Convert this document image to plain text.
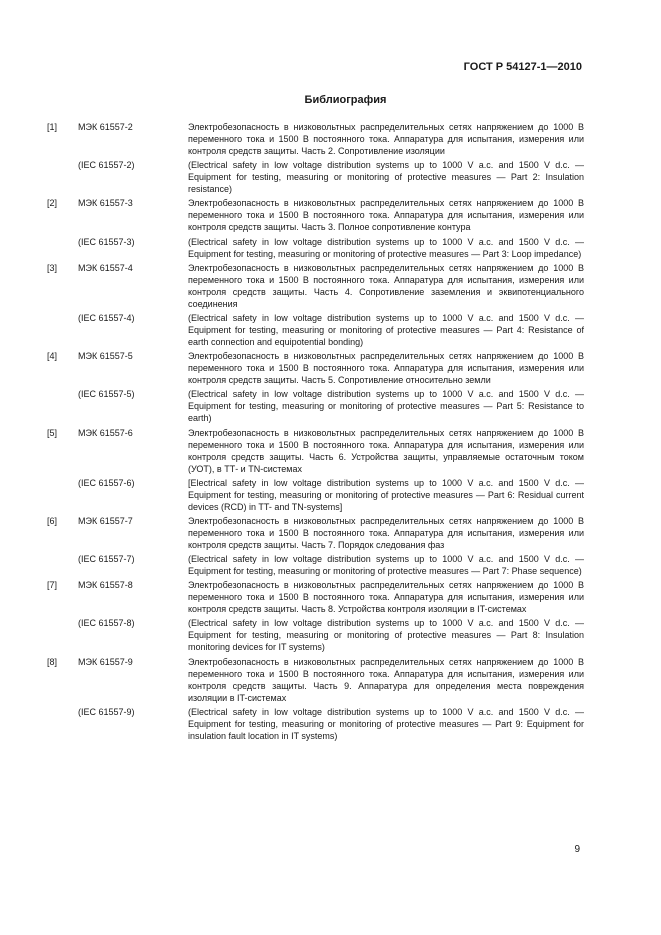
ГОСТ Р 54127-1—2010
Библиография
[1] МЭК 61557-2	Электробезопасность в низковольтных распределительных сетях напряжением до 1000 В переменного тока и 1500 В постоянного тока. Аппаратура для испытания, измерения или контроля средств защиты. Часть 2. Сопротивление изоляции
(IEC 61557-2)	(Electrical safety in low voltage distribution systems up to 1000 V a.c. and 1500 V d.c. — Equipment for testing, measuring or monitoring of protective measures — Part 2: Insulation resistance)
[2] МЭК 61557-3	Электробезопасность в низковольтных распределительных сетях напряжением до 1000 В переменного тока и 1500 В постоянного тока. Аппаратура для испытания, измерения или контроля средств защиты. Часть 3. Полное сопротивление контура
(IEC 61557-3)	(Electrical safety in low voltage distribution systems up to 1000 V a.c. and 1500 V d.c. — Equipment for testing, measuring or monitoring of protective measures — Part 3: Loop impedance)
[3] МЭК 61557-4	Электробезопасность в низковольтных распределительных сетях напряжением до 1000 В переменного тока и 1500 В постоянного тока. Аппаратура для испытания, измерения или контроля средств защиты. Часть 4. Сопротивление заземления и эквипотенциального соединения
(IEC 61557-4)	(Electrical safety in low voltage distribution systems up to 1000 V a.c. and 1500 V d.c. — Equipment for testing, measuring or monitoring of protective measures — Part 4: Resistance of earth connection and equipotential bonding)
[4] МЭК 61557-5	Электробезопасность в низковольтных распределительных сетях напряжением до 1000 В переменного тока и 1500 В постоянного тока. Аппаратура для испытания, измерения или контроля средств защиты. Часть 5. Сопротивление относительно земли
(IEC 61557-5)	(Electrical safety in low voltage distribution systems up to 1000 V a.c. and 1500 V d.c. — Equipment for testing, measuring or monitoring of protective measures — Part 5: Resistance to earth)
[5] МЭК 61557-6	Электробезопасность в низковольтных распределительных сетях напряжением до 1000 В переменного тока и 1500 В постоянного тока. Аппаратура для испытания, измерения или контроля средств защиты. Часть 6. Устройства защиты, управляемые остаточным током (УОТ), в ТТ- и TN-системах
(IEC 61557-6)	[Electrical safety in low voltage distribution systems up to 1000 V a.c. and 1500 V d.c. — Equipment for testing, measuring or monitoring of protective measures — Part 6: Residual current devices (RCD) in TT- and TN-systems]
[6] МЭК 61557-7	Электробезопасность в низковольтных распределительных сетях напряжением до 1000 В переменного тока и 1500 В постоянного тока. Аппаратура для испытания, измерения или контроля средств защиты. Часть 7. Порядок следования фаз
(IEC 61557-7)	(Electrical safety in low voltage distribution systems up to 1000 V a.c. and 1500 V d.c. — Equipment for testing, measuring or monitoring of protective measures — Part 7: Phase sequence)
[7] МЭК 61557-8	Электробезопасность в низковольтных распределительных сетях напряжением до 1000 В переменного тока и 1500 В постоянного тока. Аппаратура для испытания, измерения или контроля средств защиты. Часть 8. Устройства контроля изоляции в IT-системах
(IEC 61557-8)	(Electrical safety in low voltage distribution systems up to 1000 V a.c. and 1500 V d.c. — Equipment for testing, measuring or monitoring of protective measures — Part 8: Insulation monitoring devices for IT systems)
[8] МЭК 61557-9	Электробезопасность в низковольтных распределительных сетях напряжением до 1000 В переменного тока и 1500 В постоянного тока. Аппаратура для испытания, измерения или контроля средств защиты. Часть 9. Аппаратура для определения места повреждения изоляции в IT-системах
(IEC 61557-9)	(Electrical safety in low voltage distribution systems up to 1000 V a.c. and 1500 V d.c. — Equipment for testing, measuring or monitoring of protective measures — Part 9: Equipment for insulation fault location in IT systems)
9
